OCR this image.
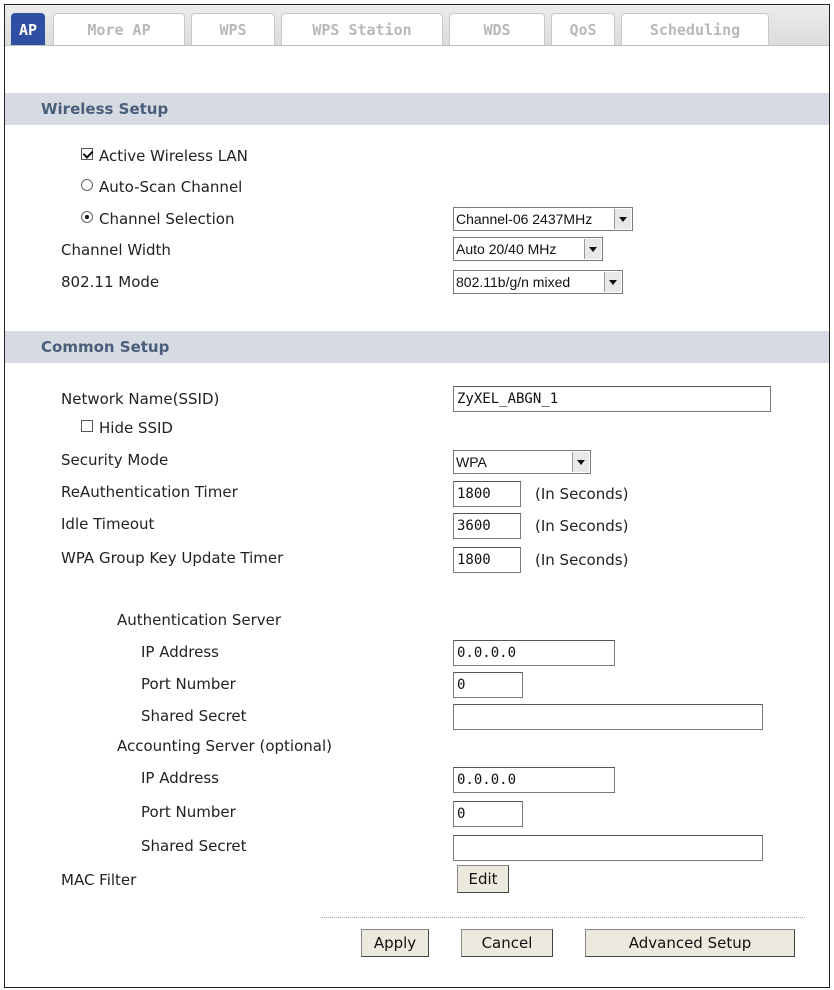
AP	More AP	WPS	WPS Station	WDS	QoS	Scheduling
Wireless Setup
Active Wireless LAN
Auto-Scan Channel
Channel Selection	Channel-06 2437MHz
Channel Width	Auto 20/40 MHz
802.11 Mode	802.11b/g/n mixed
Common Setup
Network Name(SSID)	ZyXEL_ABGN_1
Hide SSID
Security Mode	WPA
ReAuthentication Timer	1800	(In Seconds)
Idle Timeout	3600	(In Seconds)
WPA Group Key Update Timer	1800	(In Seconds)
Authentication Server
IP Address	0.0.0.0
Port Number	0
Shared Secret
Accounting Server (optional)
IP Address	0.0.0.0
Port Number	0
Shared Secret
MAC Filter	Edit
Apply	Cancel	Advanced Setup
